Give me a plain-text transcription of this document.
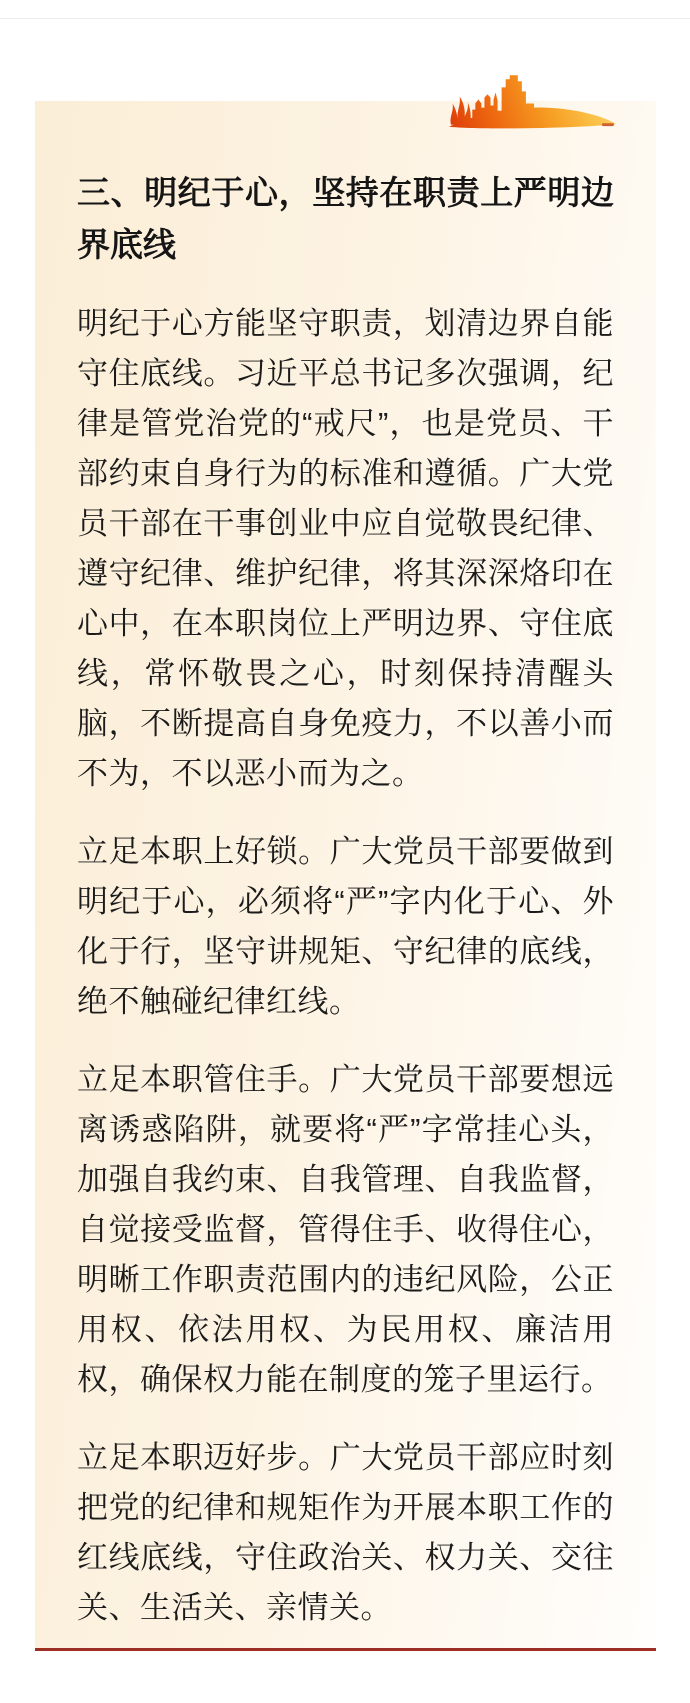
三、明纪于心，坚持在职责上严明边界底线

明纪于心方能坚守职责，划清边界自能守住底线。习近平总书记多次强调，纪律是管党治党的“戒尺”，也是党员、干部约束自身行为的标准和遵循。广大党员干部在干事创业中应自觉敬畏纪律、遵守纪律、维护纪律，将其深深烙印在心中，在本职岗位上严明边界、守住底线，常怀敬畏之心，时刻保持清醒头脑，不断提高自身免疫力，不以善小而不为，不以恶小而为之。

立足本职上好锁。广大党员干部要做到明纪于心，必须将“严”字内化于心、外化于行，坚守讲规矩、守纪律的底线，绝不触碰纪律红线。

立足本职管住手。广大党员干部要想远离诱惑陷阱，就要将“严”字常挂心头，加强自我约束、自我管理、自我监督，自觉接受监督，管得住手、收得住心，明晰工作职责范围内的违纪风险，公正用权、依法用权、为民用权、廉洁用权，确保权力能在制度的笼子里运行。

立足本职迈好步。广大党员干部应时刻把党的纪律和规矩作为开展本职工作的红线底线，守住政治关、权力关、交往关、生活关、亲情关。
